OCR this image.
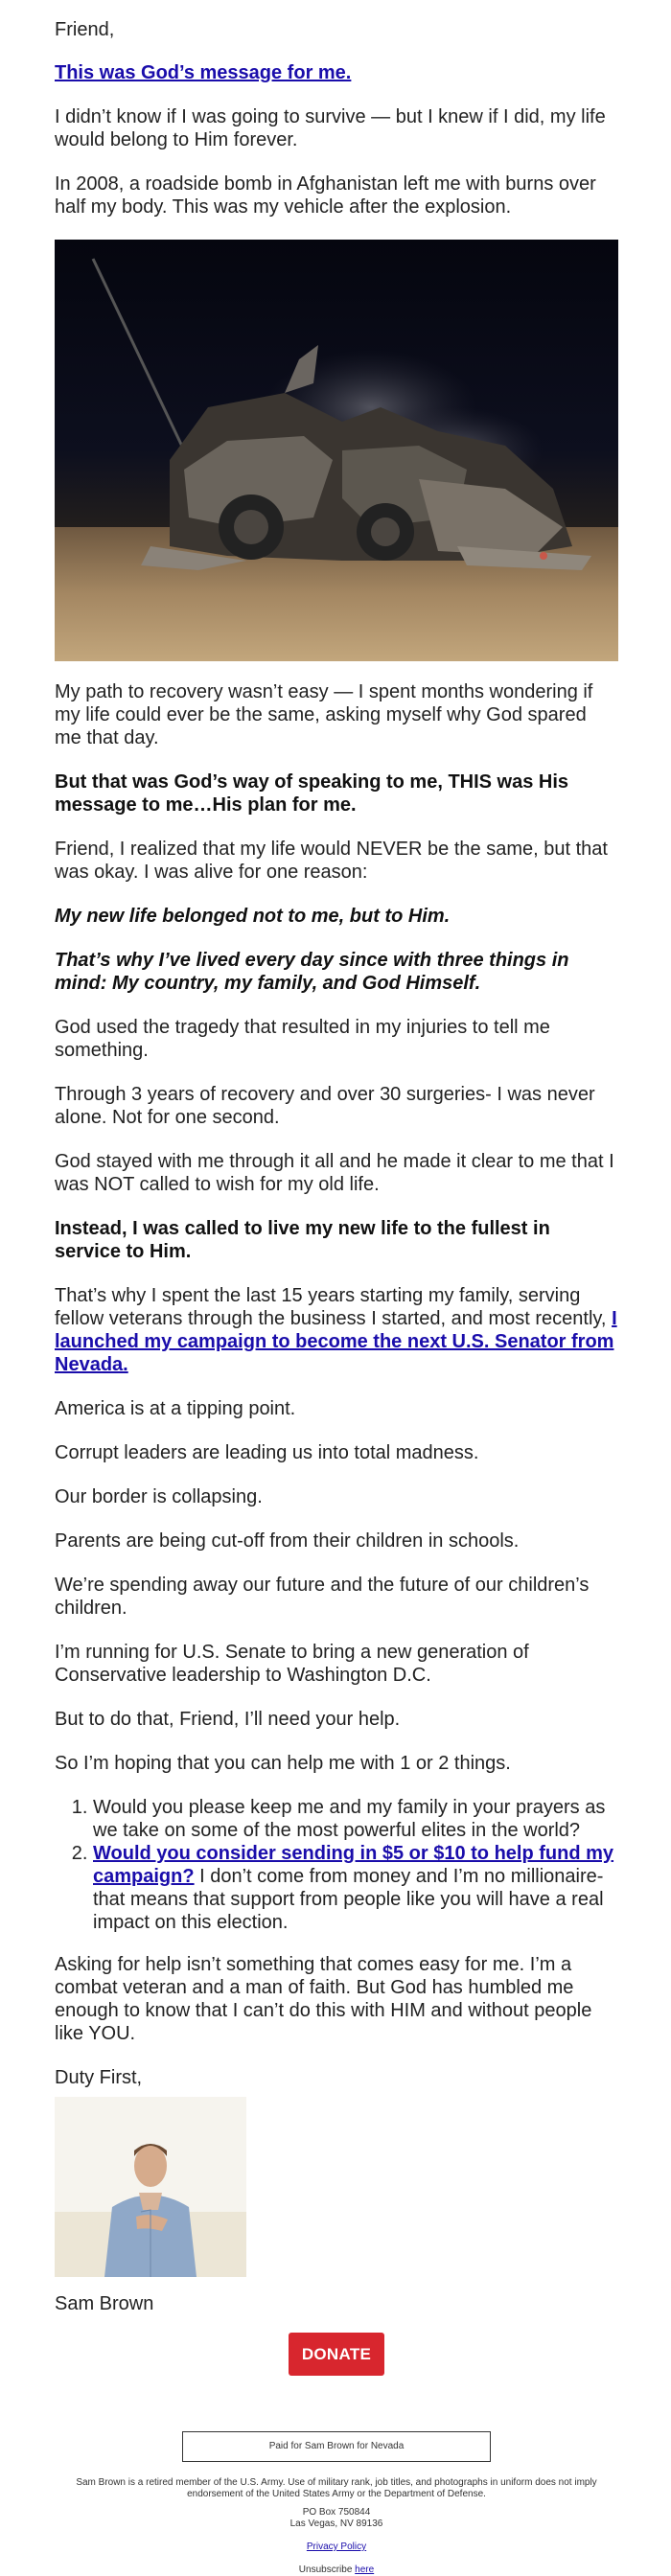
Friend,

This was God’s message for me.

I didn’t know if I was going to survive — but I knew if I did, my life would belong to Him forever.

In 2008, a roadside bomb in Afghanistan left me with burns over half my body. This was my vehicle after the explosion.

My path to recovery wasn’t easy — I spent months wondering if my life could ever be the same, asking myself why God spared me that day.

But that was God’s way of speaking to me, THIS was His message to me…His plan for me.

Friend, I realized that my life would NEVER be the same, but that was okay. I was alive for one reason:

My new life belonged not to me, but to Him.

That’s why I’ve lived every day since with three things in mind: My country, my family, and God Himself.

God used the tragedy that resulted in my injuries to tell me something.

Through 3 years of recovery and over 30 surgeries- I was never alone. Not for one second.

God stayed with me through it all and he made it clear to me that I was NOT called to wish for my old life.

Instead, I was called to live my new life to the fullest in service to Him.

That’s why I spent the last 15 years starting my family, serving fellow veterans through the business I started, and most recently, I launched my campaign to become the next U.S. Senator from Nevada.

America is at a tipping point.

Corrupt leaders are leading us into total madness.

Our border is collapsing.

Parents are being cut-off from their children in schools.

We’re spending away our future and the future of our children’s children.

I’m running for U.S. Senate to bring a new generation of Conservative leadership to Washington D.C.

But to do that, Friend, I’ll need your help.

So I’m hoping that you can help me with 1 or 2 things.

1. Would you please keep me and my family in your prayers as we take on some of the most powerful elites in the world?
2. Would you consider sending in $5 or $10 to help fund my campaign? I don’t come from money and I’m no millionaire- that means that support from people like you will have a real impact on this election.

Asking for help isn’t something that comes easy for me. I’m a combat veteran and a man of faith. But God has humbled me enough to know that I can’t do this with HIM and without people like YOU.

Duty First,

Sam Brown

DONATE
Paid for Sam Brown for Nevada
Sam Brown is a retired member of the U.S. Army. Use of military rank, job titles, and photographs in uniform does not imply endorsement of the United States Army or the Department of Defense.
PO Box 750844
Las Vegas, NV 89136
Privacy Policy
Unsubscribe here
